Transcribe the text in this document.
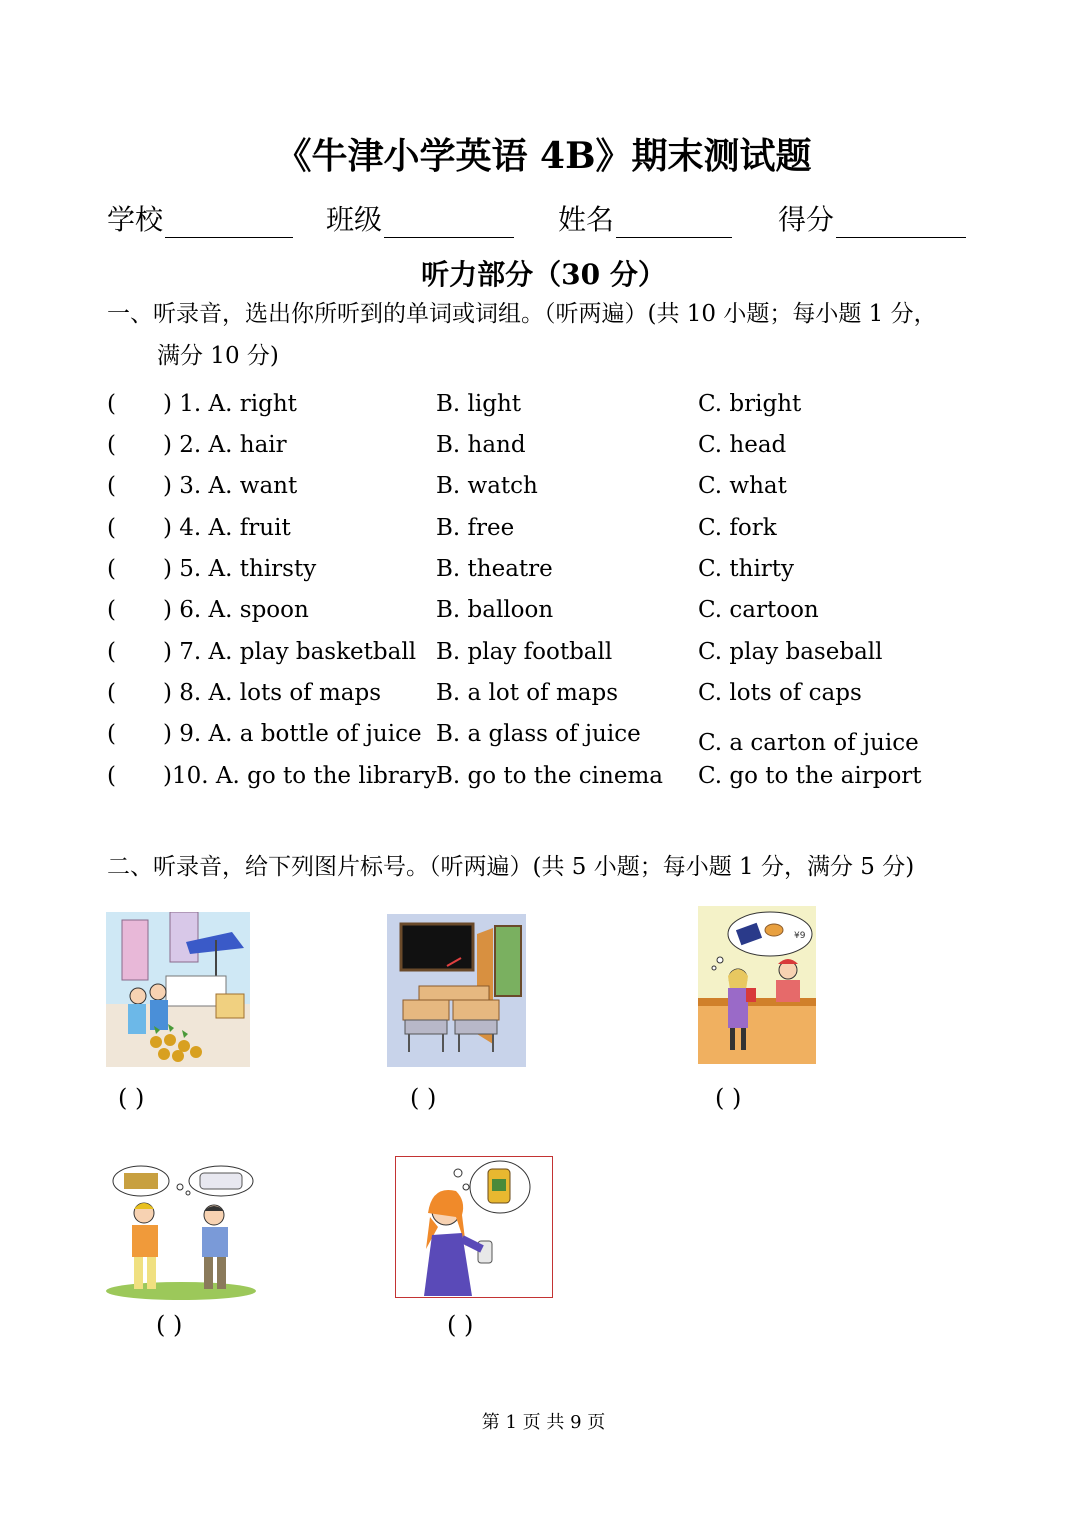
《牛津小学英语 4B》期末测试题
学校	班级	姓名	得分
听力部分（30 分）
一、听录音，选出你所听到的单词或词组。（听两遍）(共 10 小题；每小题 1 分，
满分 10 分)
( ) 1. A. right	B. light	C. bright
( ) 2. A. hair	B. hand	C. head
( ) 3. A. want	B. watch	C. what
( ) 4. A. fruit	B. free	C. fork
( ) 5. A. thirsty	B. theatre	C. thirty
( ) 6. A. spoon	B. balloon	C. cartoon
( ) 7. A. play basketball B. play football	C. play baseball
( ) 8. A. lots of maps B. a lot of maps	C. lots of caps
( ) 9. A. a bottle of juice B. a glass of juice C. a carton of juice
( )10. A. go to the library B. go to the cinema C. go to the airport
二、听录音，给下列图片标号。（听两遍）(共 5 小题；每小题 1 分，满分 5 分)
¥9
( )	( )	( )
( )	( )
第 1 页 共 9 页
